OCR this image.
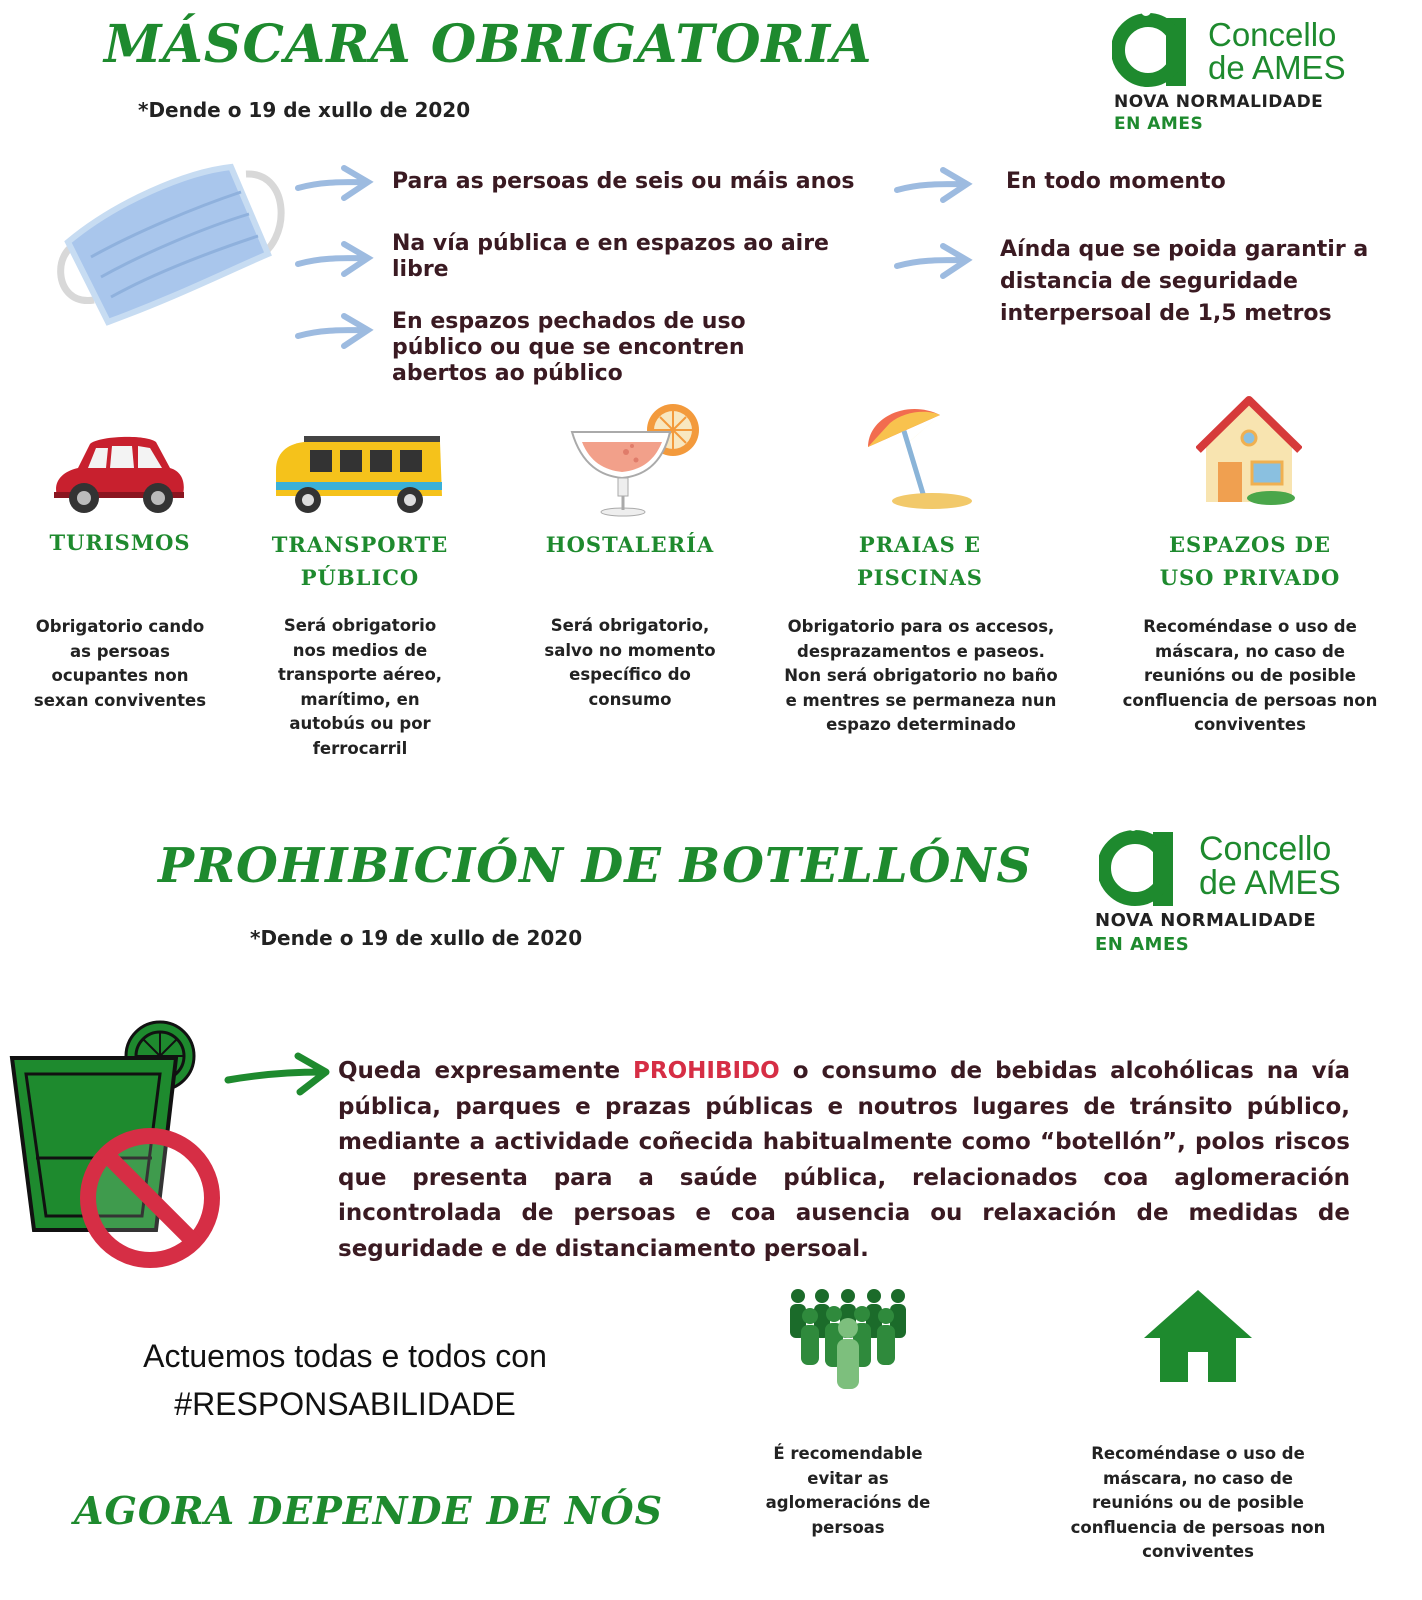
MÁSCARA OBRIGATORIA
*Dende o 19 de xullo de 2020
Concello
de AMES
NOVA NORMALIDADE
EN AMES
Para as persoas de seis ou máis anos
Na vía pública e en espazos ao aire libre
En espazos pechados de uso público ou que se encontren abertos ao público
En todo momento
Aínda que se poida garantir a distancia de seguridade interpersoal de 1,5 metros
TURISMOS
Obrigatorio cando as persoas ocupantes non sexan conviventes
TRANSPORTE PÚBLICO
Será obrigatorio nos medios de transporte aéreo, marítimo, en autobús ou por ferrocarril
HOSTALERÍA
Será obrigatorio, salvo no momento específico do consumo
PRAIAS E PISCINAS
Obrigatorio para os accesos, desprazamentos e paseos. Non será obrigatorio no baño e mentres se permaneza nun espazo determinado
ESPAZOS DE USO PRIVADO
Recoméndase o uso de máscara, no caso de reunións ou de posible confluencia de persoas non conviventes
PROHIBICIÓN DE BOTELLÓNS
*Dende o 19 de xullo de 2020
Concello
de AMES
NOVA NORMALIDADE
EN AMES
Queda expresamente PROHIBIDO o consumo de bebidas alcohólicas na vía pública, parques e prazas públicas e noutros lugares de tránsito público, mediante a actividade coñecida habitualmente como “botellón”, polos riscos que presenta para a saúde pública, relacionados coa aglomeración incontrolada de persoas e coa ausencia ou relaxación de medidas de seguridade e de distanciamento persoal.
Actuemos todas e todos con
#RESPONSABILIDADE
AGORA DEPENDE DE NÓS
É recomendable evitar as aglomeracións de persoas
Recoméndase o uso de máscara, no caso de reunións ou de posible confluencia de persoas non conviventes
